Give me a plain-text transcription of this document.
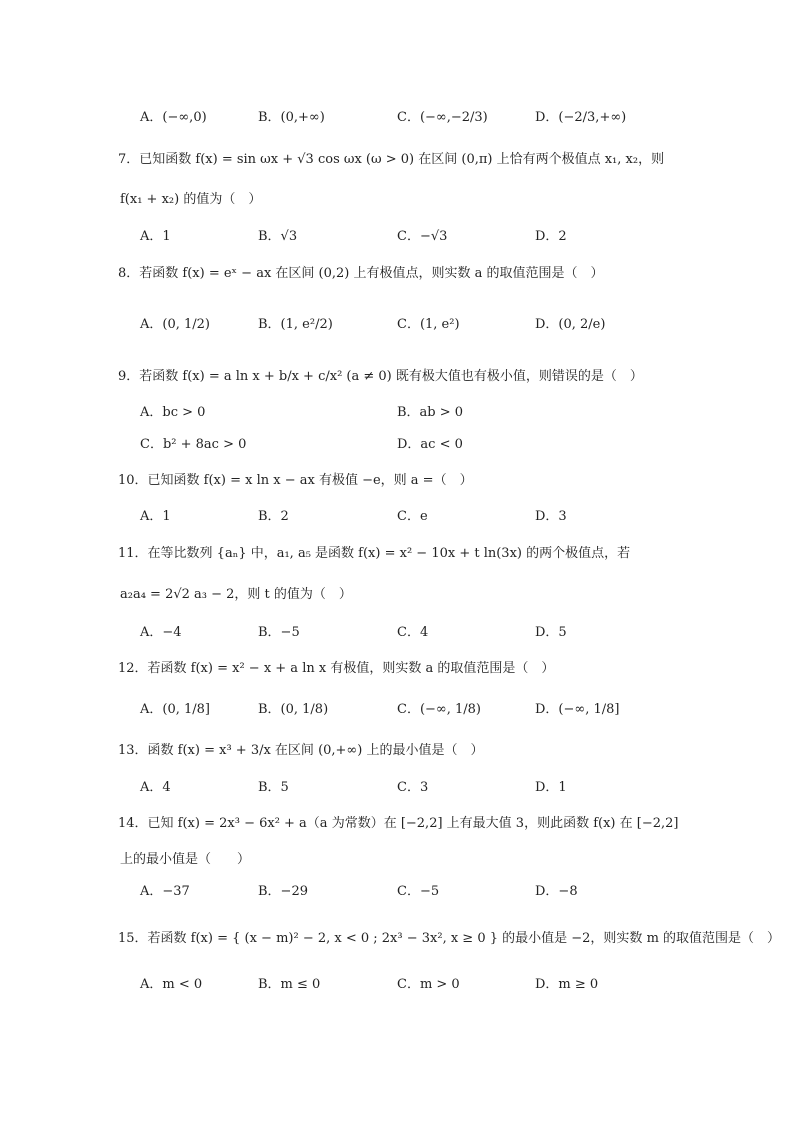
A．(−∞,0)	B．(0,+∞)	C．(−∞,−2/3)	D．(−2/3,+∞)
7．已知函数 f(x) = sin ωx + √3 cos ωx (ω > 0) 在区间 (0,π) 上恰有两个极值点 x₁, x₂，则
f(x₁ + x₂) 的值为（　）
A．1	B．√3	C．−√3	D．2
8．若函数 f(x) = eˣ − ax 在区间 (0,2) 上有极值点，则实数 a 的取值范围是（　）
A．(0, 1/2)	B．(1, e²/2)	C．(1, e²)	D．(0, 2/e)
9．若函数 f(x) = a ln x + b/x + c/x² (a ≠ 0) 既有极大值也有极小值，则错误的是（　）
A．bc > 0	B．ab > 0
C．b² + 8ac > 0	D．ac < 0
10．已知函数 f(x) = x ln x − ax 有极值 −e，则 a =（　）
A．1	B．2	C．e	D．3
11．在等比数列 {aₙ} 中，a₁, a₅ 是函数 f(x) = x² − 10x + t ln(3x) 的两个极值点，若
a₂a₄ = 2√2 a₃ − 2，则 t 的值为（　）
A．−4	B．−5	C．4	D．5
12．若函数 f(x) = x² − x + a ln x 有极值，则实数 a 的取值范围是（　）
A．(0, 1/8]	B．(0, 1/8)	C．(−∞, 1/8)	D．(−∞, 1/8]
13．函数 f(x) = x³ + 3/x 在区间 (0,+∞) 上的最小值是（　）
A．4	B．5	C．3	D．1
14．已知 f(x) = 2x³ − 6x² + a（a 为常数）在 [−2,2] 上有最大值 3，则此函数 f(x) 在 [−2,2]
上的最小值是（　　）
A．−37	B．−29	C．−5	D．−8
15．若函数 f(x) = { (x − m)² − 2, x < 0 ; 2x³ − 3x², x ≥ 0 } 的最小值是 −2，则实数 m 的取值范围是（　）
A．m < 0	B．m ≤ 0	C．m > 0	D．m ≥ 0
